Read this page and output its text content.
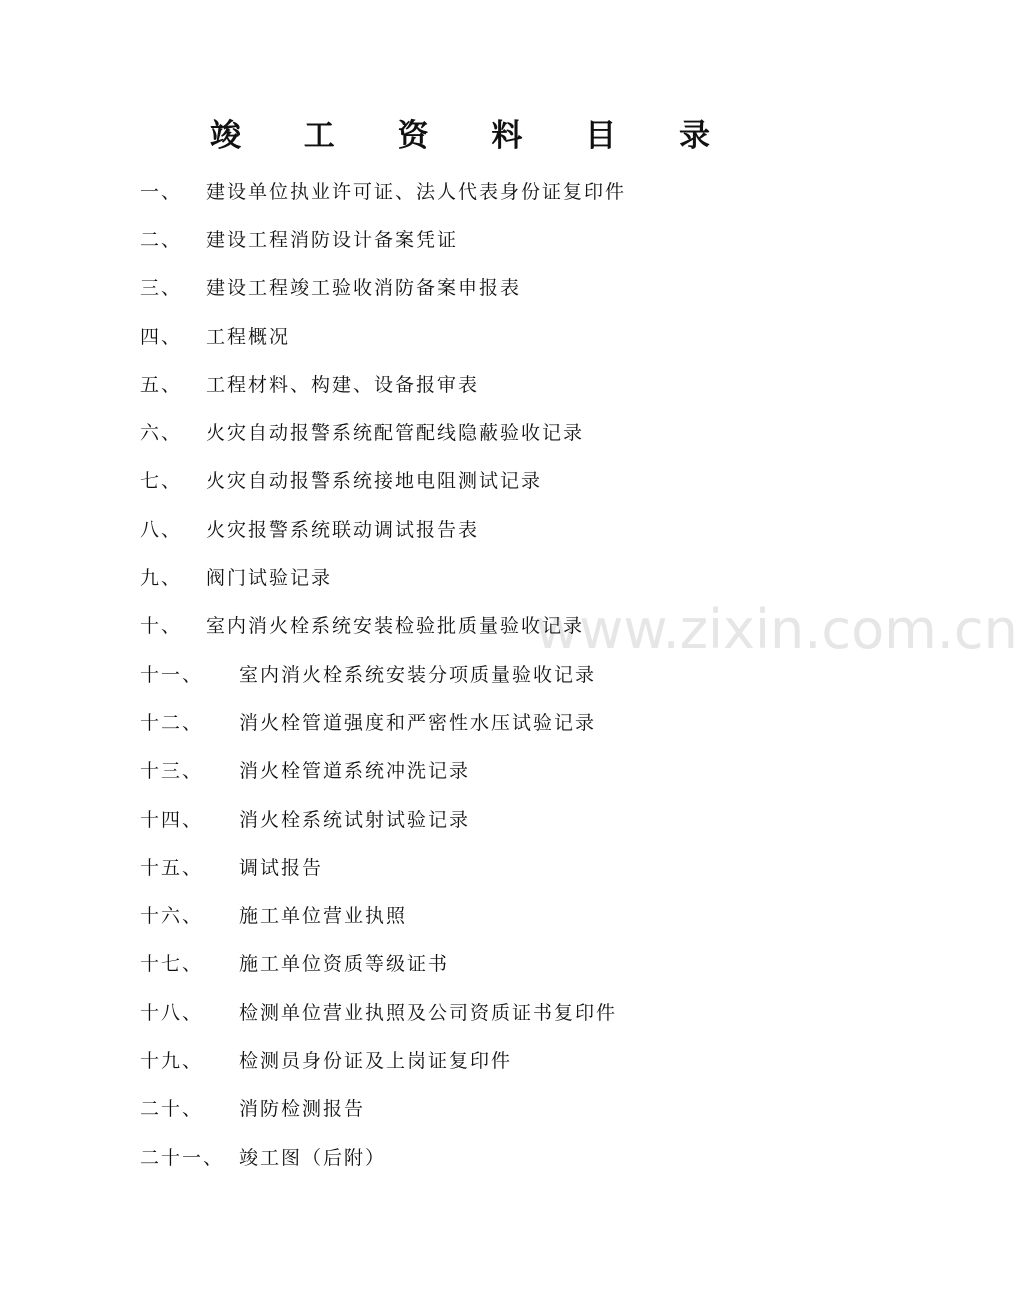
www.zixin.com.cn
竣 工 资 料 目 录
一、	建设单位执业许可证、法人代表身份证复印件
二、	建设工程消防设计备案凭证
三、	建设工程竣工验收消防备案申报表
四、	工程概况
五、	工程材料、构建、设备报审表
六、	火灾自动报警系统配管配线隐蔽验收记录
七、	火灾自动报警系统接地电阻测试记录
八、	火灾报警系统联动调试报告表
九、	阀门试验记录
十、	室内消火栓系统安装检验批质量验收记录
十一、	室内消火栓系统安装分项质量验收记录
十二、	消火栓管道强度和严密性水压试验记录
十三、	消火栓管道系统冲洗记录
十四、	消火栓系统试射试验记录
十五、	调试报告
十六、	施工单位营业执照
十七、	施工单位资质等级证书
十八、	检测单位营业执照及公司资质证书复印件
十九、	检测员身份证及上岗证复印件
二十、	消防检测报告
二十一、 竣工图（后附）
